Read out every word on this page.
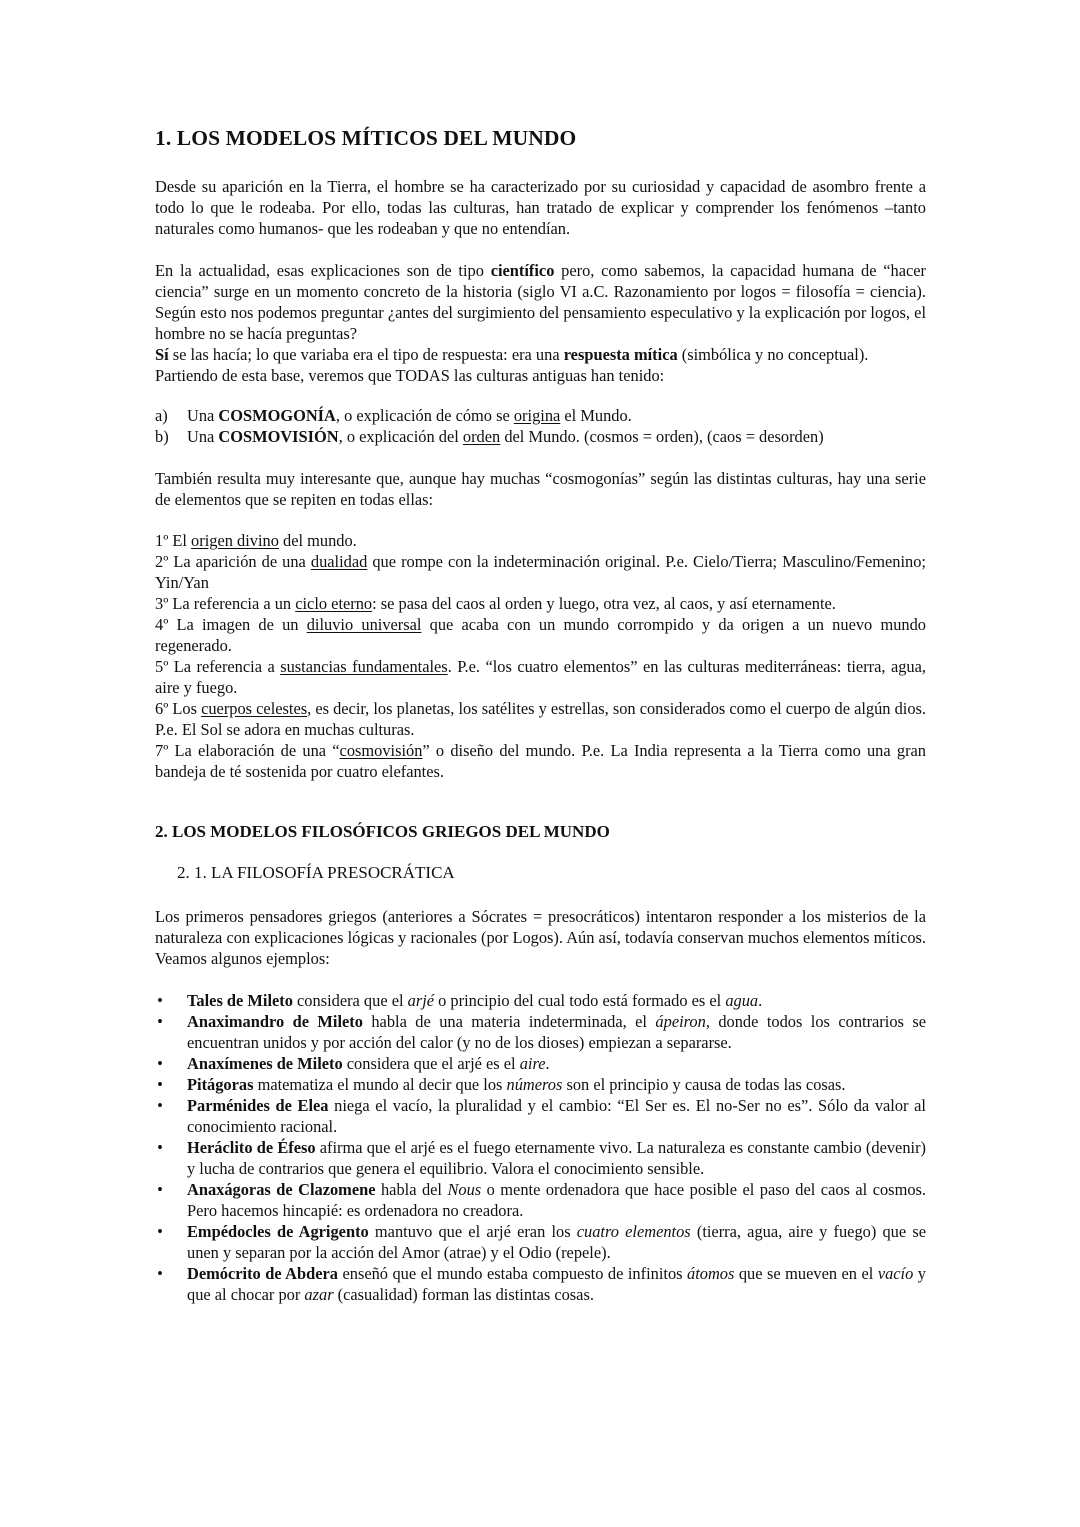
1. LOS MODELOS MÍTICOS DEL MUNDO

Desde su aparición en la Tierra, el hombre se ha caracterizado por su curiosidad y capacidad de asombro frente a todo lo que le rodeaba. Por ello, todas las culturas, han tratado de explicar y comprender los fenómenos –tanto naturales como humanos- que les rodeaban y que no entendían.

En la actualidad, esas explicaciones son de tipo científico pero, como sabemos, la capacidad humana de “hacer ciencia” surge en un momento concreto de la historia (siglo VI a.C. Razonamiento por logos = filosofía = ciencia). Según esto nos podemos preguntar ¿antes del surgimiento del pensamiento especulativo y la explicación por logos, el hombre no se hacía preguntas?

Sí se las hacía; lo que variaba era el tipo de respuesta: era una respuesta mítica (simbólica y no conceptual).

Partiendo de esta base, veremos que TODAS las culturas antiguas han tenido:

a)	Una COSMOGONÍA, o explicación de cómo se origina el Mundo.
b)	Una COSMOVISIÓN, o explicación del orden del Mundo. (cosmos = orden), (caos = desorden)

También resulta muy interesante que, aunque hay muchas “cosmogonías” según las distintas culturas, hay una serie de elementos que se repiten en todas ellas:

1º El origen divino del mundo.

2º La aparición de una dualidad que rompe con la indeterminación original. P.e. Cielo/Tierra; Masculino/Femenino; Yin/Yan

3º La referencia a un ciclo eterno: se pasa del caos al orden y luego, otra vez, al caos, y así eternamente.

4º La imagen de un diluvio universal que acaba con un mundo corrompido y da origen a un nuevo mundo regenerado.

5º La referencia a sustancias fundamentales. P.e. “los cuatro elementos” en las culturas mediterráneas: tierra, agua, aire y fuego.

6º Los cuerpos celestes, es decir, los planetas, los satélites y estrellas, son considerados como el cuerpo de algún dios. P.e. El Sol se adora en muchas culturas.

7º La elaboración de una “cosmovisión” o diseño del mundo. P.e. La India representa a la Tierra como una gran bandeja de té sostenida por cuatro elefantes.

2. LOS MODELOS FILOSÓFICOS GRIEGOS DEL MUNDO
2. 1. LA FILOSOFÍA PRESOCRÁTICA

Los primeros pensadores griegos (anteriores a Sócrates = presocráticos) intentaron responder a los misterios de la naturaleza con explicaciones lógicas y racionales (por Logos). Aún así, todavía conservan muchos elementos míticos. Veamos algunos ejemplos:

• Tales de Mileto considera que el arjé o principio del cual todo está formado es el agua.
• Anaximandro de Mileto habla de una materia indeterminada, el ápeiron, donde todos los contrarios se encuentran unidos y por acción del calor (y no de los dioses) empiezan a separarse.
• Anaxímenes de Mileto considera que el arjé es el aire.
• Pitágoras matematiza el mundo al decir que los números son el principio y causa de todas las cosas.
• Parménides de Elea niega el vacío, la pluralidad y el cambio: “El Ser es. El no-Ser no es”. Sólo da valor al conocimiento racional.
• Heráclito de Éfeso afirma que el arjé es el fuego eternamente vivo. La naturaleza es constante cambio (devenir) y lucha de contrarios que genera el equilibrio. Valora el conocimiento sensible.
• Anaxágoras de Clazomene habla del Nous o mente ordenadora que hace posible el paso del caos al cosmos. Pero hacemos hincapié: es ordenadora no creadora.
• Empédocles de Agrigento mantuvo que el arjé eran los cuatro elementos (tierra, agua, aire y fuego) que se unen y separan por la acción del Amor (atrae) y el Odio (repele).
• Demócrito de Abdera enseñó que el mundo estaba compuesto de infinitos átomos que se mueven en el vacío y que al chocar por azar (casualidad) forman las distintas cosas.
